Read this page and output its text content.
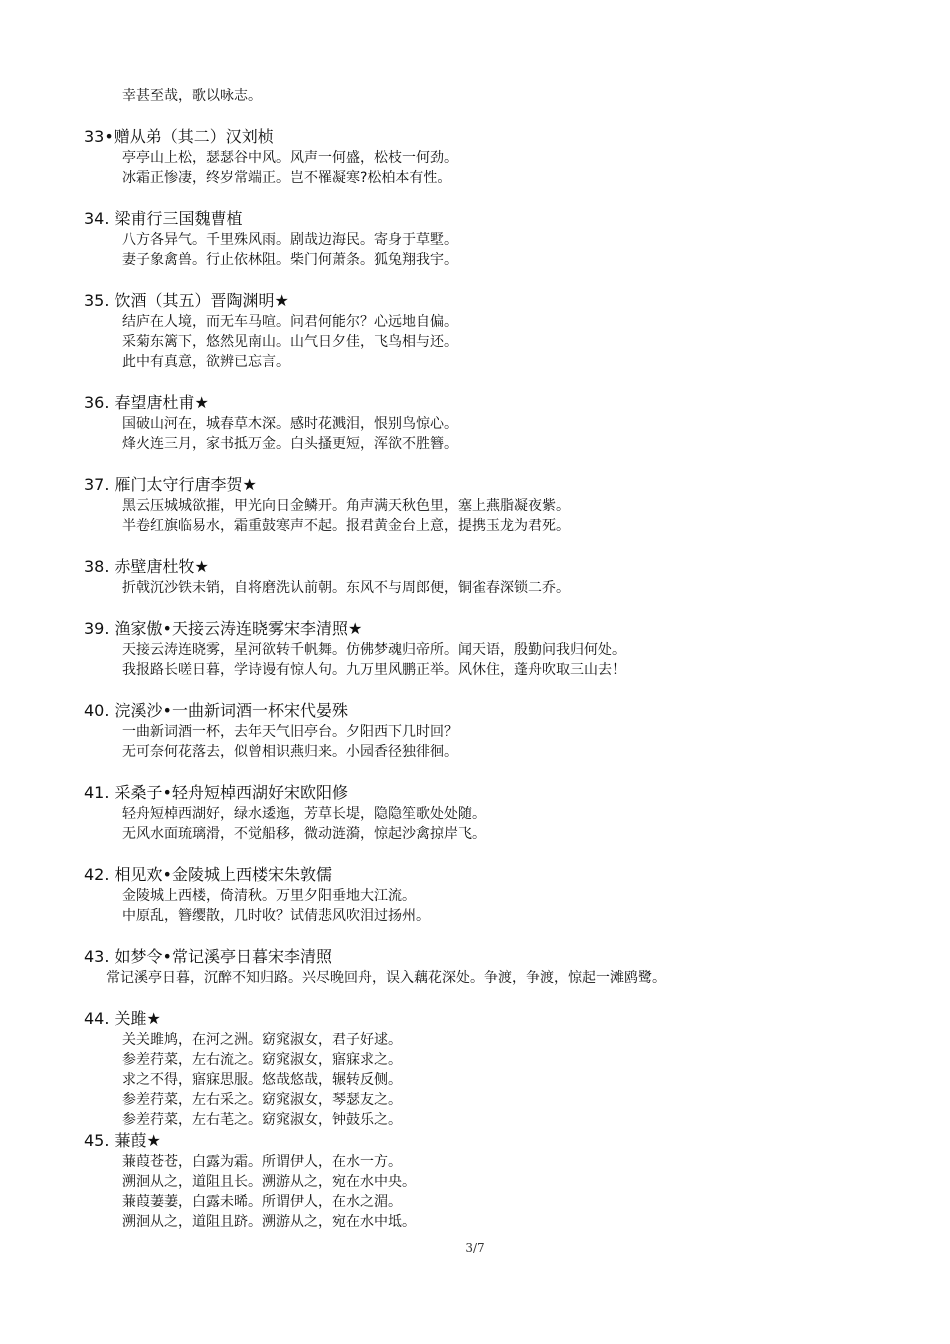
幸甚至哉，歌以咏志。
33•赠从弟（其二）汉刘桢
亭亭山上松，瑟瑟谷中风。风声一何盛，松枝一何劲。
冰霜正惨凄，终岁常端正。岂不罹凝寒?松柏本有性。
34. 梁甫行三国魏曹植
八方各异气。千里殊风雨。剧哉边海民。寄身于草墅。
妻子象禽兽。行止依林阻。柴门何萧条。狐兔翔我宇。
35. 饮酒（其五）晋陶渊明★
结庐在人境，而无车马喧。问君何能尔？心远地自偏。
采菊东篱下，悠然见南山。山气日夕佳，飞鸟相与还。
此中有真意，欲辨已忘言。
36. 春望唐杜甫★
国破山河在，城春草木深。感时花溅泪，恨别鸟惊心。
烽火连三月，家书抵万金。白头搔更短，浑欲不胜簪。
37. 雁门太守行唐李贺★
黑云压城城欲摧，甲光向日金鳞开。角声满天秋色里，塞上燕脂凝夜紫。
半卷红旗临易水，霜重鼓寒声不起。报君黄金台上意，提携玉龙为君死。
38. 赤壁唐杜牧★
折戟沉沙铁未销，自将磨洗认前朝。东风不与周郎便，铜雀春深锁二乔。
39. 渔家傲•天接云涛连晓雾宋李清照★
天接云涛连晓雾，星河欲转千帆舞。仿佛梦魂归帝所。闻天语，殷勤问我归何处。
我报路长嗟日暮，学诗谩有惊人句。九万里风鹏正举。风休住，蓬舟吹取三山去！
40. 浣溪沙•一曲新词酒一杯宋代晏殊
一曲新词酒一杯，去年天气旧亭台。夕阳西下几时回？
无可奈何花落去，似曾相识燕归来。小园香径独徘徊。
41. 采桑子•轻舟短棹西湖好宋欧阳修
轻舟短棹西湖好，绿水逶迤，芳草长堤，隐隐笙歌处处随。
无风水面琉璃滑，不觉船移，微动涟漪，惊起沙禽掠岸飞。
42. 相见欢•金陵城上西楼宋朱敦儒
金陵城上西楼，倚清秋。万里夕阳垂地大江流。
中原乱，簪缨散，几时收？试倩悲风吹泪过扬州。
43. 如梦令•常记溪亭日暮宋李清照
常记溪亭日暮，沉醉不知归路。兴尽晚回舟，误入藕花深处。争渡，争渡，惊起一滩鸥鹭。
44. 关雎★
关关雎鸠，在河之洲。窈窕淑女，君子好逑。
参差荇菜，左右流之。窈窕淑女，寤寐求之。
求之不得，寤寐思服。悠哉悠哉，辗转反侧。
参差荇菜，左右采之。窈窕淑女，琴瑟友之。
参差荇菜，左右芼之。窈窕淑女，钟鼓乐之。
45. 蒹葭★
蒹葭苍苍，白露为霜。所谓伊人，在水一方。
溯洄从之，道阻且长。溯游从之，宛在水中央。
蒹葭萋萋，白露未晞。所谓伊人，在水之湄。
溯洄从之，道阻且跻。溯游从之，宛在水中坻。
3/7
